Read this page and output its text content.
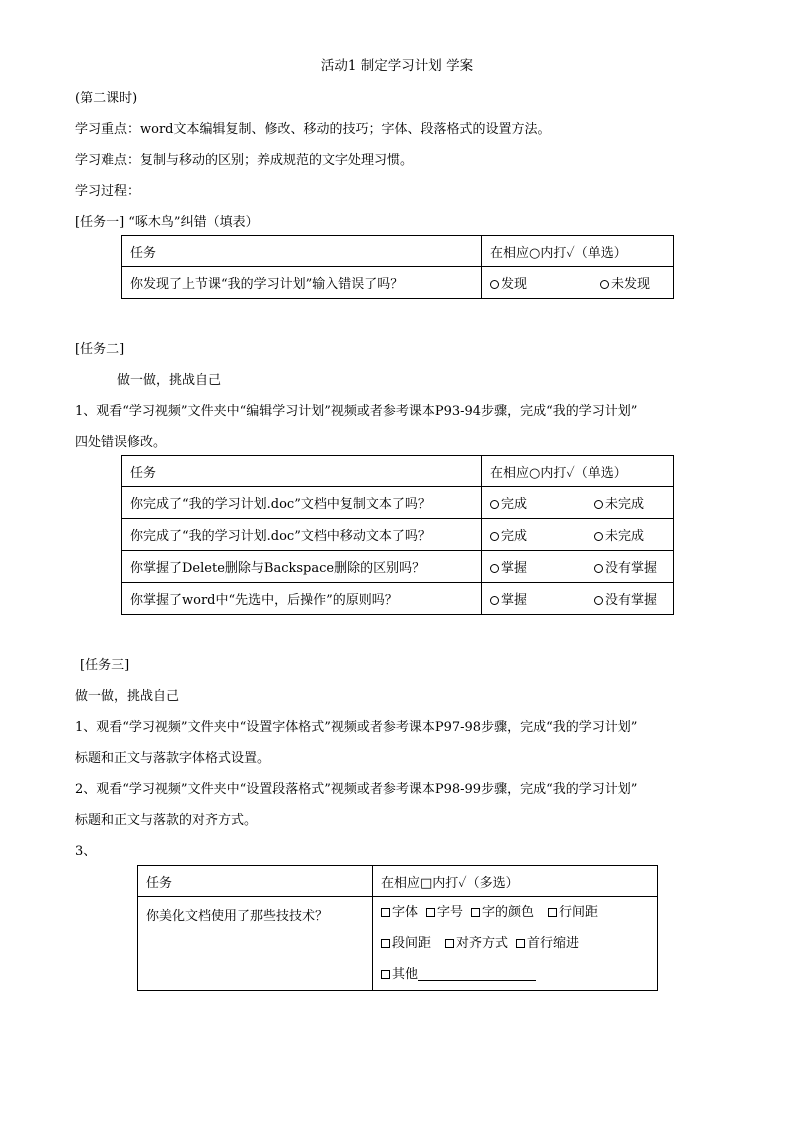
活动1 制定学习计划 学案
(第二课时)
学习重点：word文本编辑复制、修改、移动的技巧；字体、段落格式的设置方法。
学习难点：复制与移动的区别；养成规范的文字处理习惯。
学习过程：
[任务一] “啄木鸟”纠错（填表）
任务	在相应○内打✓（单选）
你发现了上节课“我的学习计划”输入错误了吗？	发现 未发现
[任务二]
做一做，挑战自己
1、观看“学习视频”文件夹中“编辑学习计划”视频或者参考课本P93-94步骤，完成“我的学习计划”
四处错误修改。
任务	在相应○内打✓（单选）
你完成了“我的学习计划.doc”文档中复制文本了吗？	完成 未完成
你完成了“我的学习计划.doc”文档中移动文本了吗？	完成 未完成
你掌握了Delete删除与Backspace删除的区别吗？	掌握 没有掌握
你掌握了word中“先选中，后操作”的原则吗？	掌握 没有掌握
[任务三]
做一做，挑战自己
1、观看“学习视频”文件夹中“设置字体格式”视频或者参考课本P97-98步骤，完成“我的学习计划”
标题和正文与落款字体格式设置。
2、观看“学习视频”文件夹中“设置段落格式”视频或者参考课本P98-99步骤，完成“我的学习计划”
标题和正文与落款的对齐方式。
3、
任务	在相应□内打✓（多选）
你美化文档使用了那些技技术？	字体 字号 字的颜色 行间距
段间距 对齐方式 首行缩进
其他
